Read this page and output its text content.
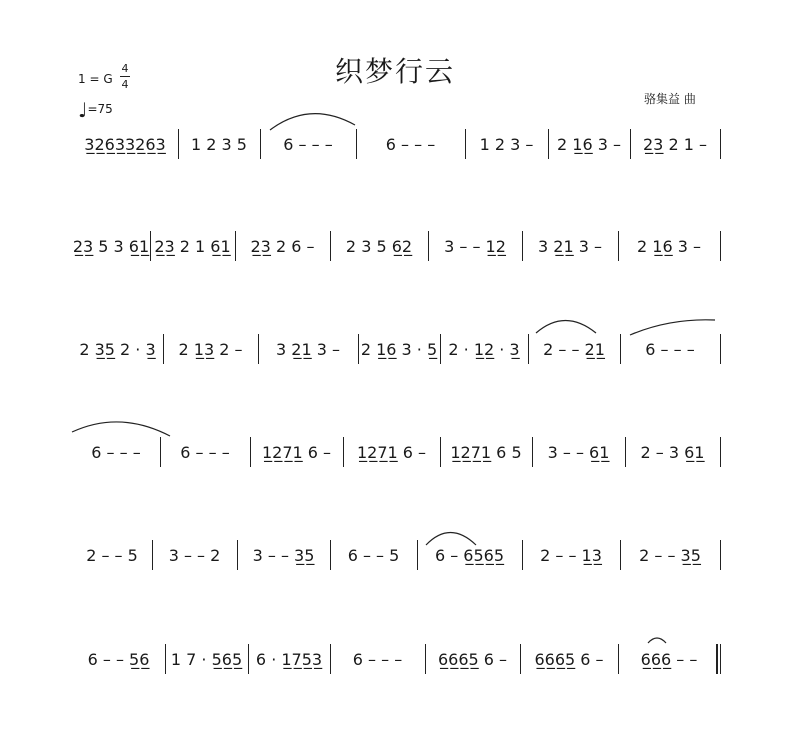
织梦行云
骆集益 曲
1 = G
4
4
♩=75
3̲2̲6̲3̲3̲2̲6̲3̲	1 2 3 5	6 – – –	6 – – –	1 2 3 –	2 1̲6̲ 3 –	2̲3̲ 2 1 –
2̲3̲ 5 3 6̲1̲ 2̲3̲ 2 1 6̲1̲	2̲3̲ 2 6 –	2 3 5 6̲2̲	3 – – 1̲2̲	3 2̲1̲ 3 –	2 1̲6̲ 3 –
2 3̲5̲ 2 · 3̲	2 1̲3̲ 2 –	3 2̲1̲ 3 –	2 1̲6̲ 3 · 5̲ 2 · 1̲2̲ · 3̲	2 – – 2̲1̲	6 – – –
6 – – –	6 – – –	1̲2̲7̲1̲ 6 –	1̲2̲7̲1̲ 6 –	1̲2̲7̲1̲ 6 5	3 – – 6̲1̲	2 – 3 6̲1̲
2 – – 5	3 – – 2	3 – – 3̲5̲	6 – – 5	6 – 6̲5̲6̲5̲	2 – – 1̲3̲	2 – – 3̲5̲
6 – – 5̲6̲	1 7 · 5̲6̲5̲ 6 · 1̲7̲5̲3̲	6 – – –	6̲6̲6̲5̲ 6 –	6̲6̲6̲5̲ 6 –	6̲6̲6̲ – –
